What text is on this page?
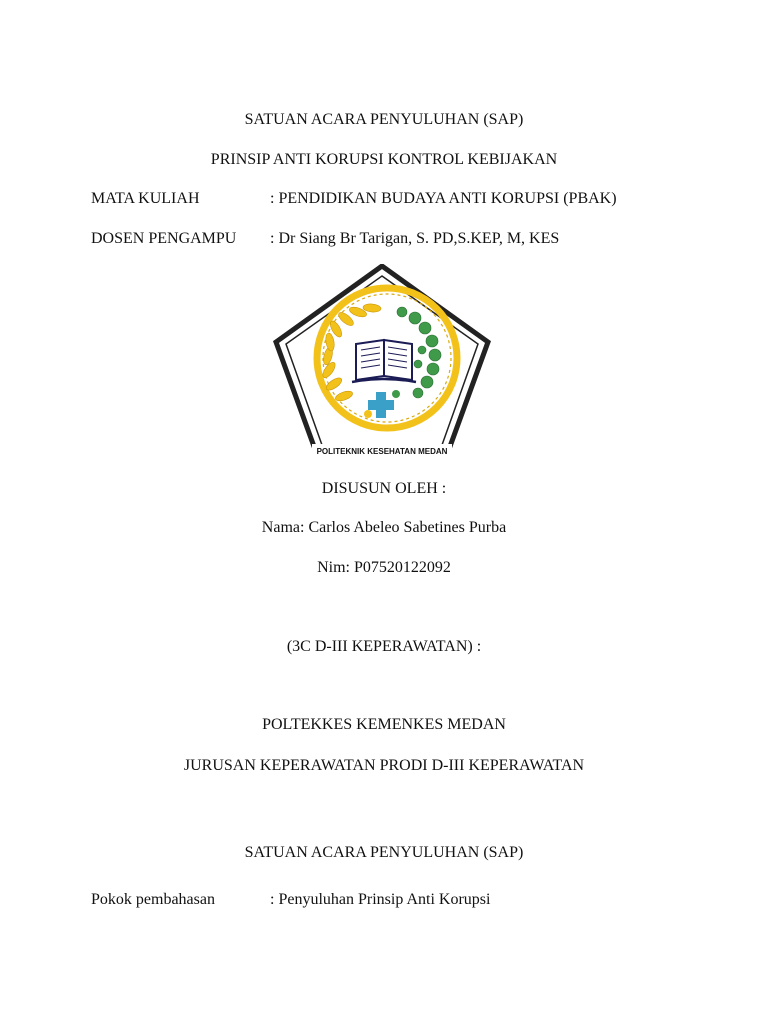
SATUAN ACARA PENYULUHAN (SAP)
PRINSIP ANTI KORUPSI KONTROL KEBIJAKAN
MATA KULIAH	: PENDIDIKAN BUDAYA ANTI KORUPSI (PBAK)
DOSEN PENGAMPU : Dr Siang Br Tarigan, S. PD,S.KEP, M, KES
POLITEKNIK KESEHATAN MEDAN
DISUSUN OLEH :
Nama: Carlos Abeleo Sabetines Purba
Nim: P07520122092
(3C D-III KEPERAWATAN) :
POLTEKKES KEMENKES MEDAN
JURUSAN KEPERAWATAN PRODI D-III KEPERAWATAN
SATUAN ACARA PENYULUHAN (SAP)
Pokok pembahasan	: Penyuluhan Prinsip Anti Korupsi
